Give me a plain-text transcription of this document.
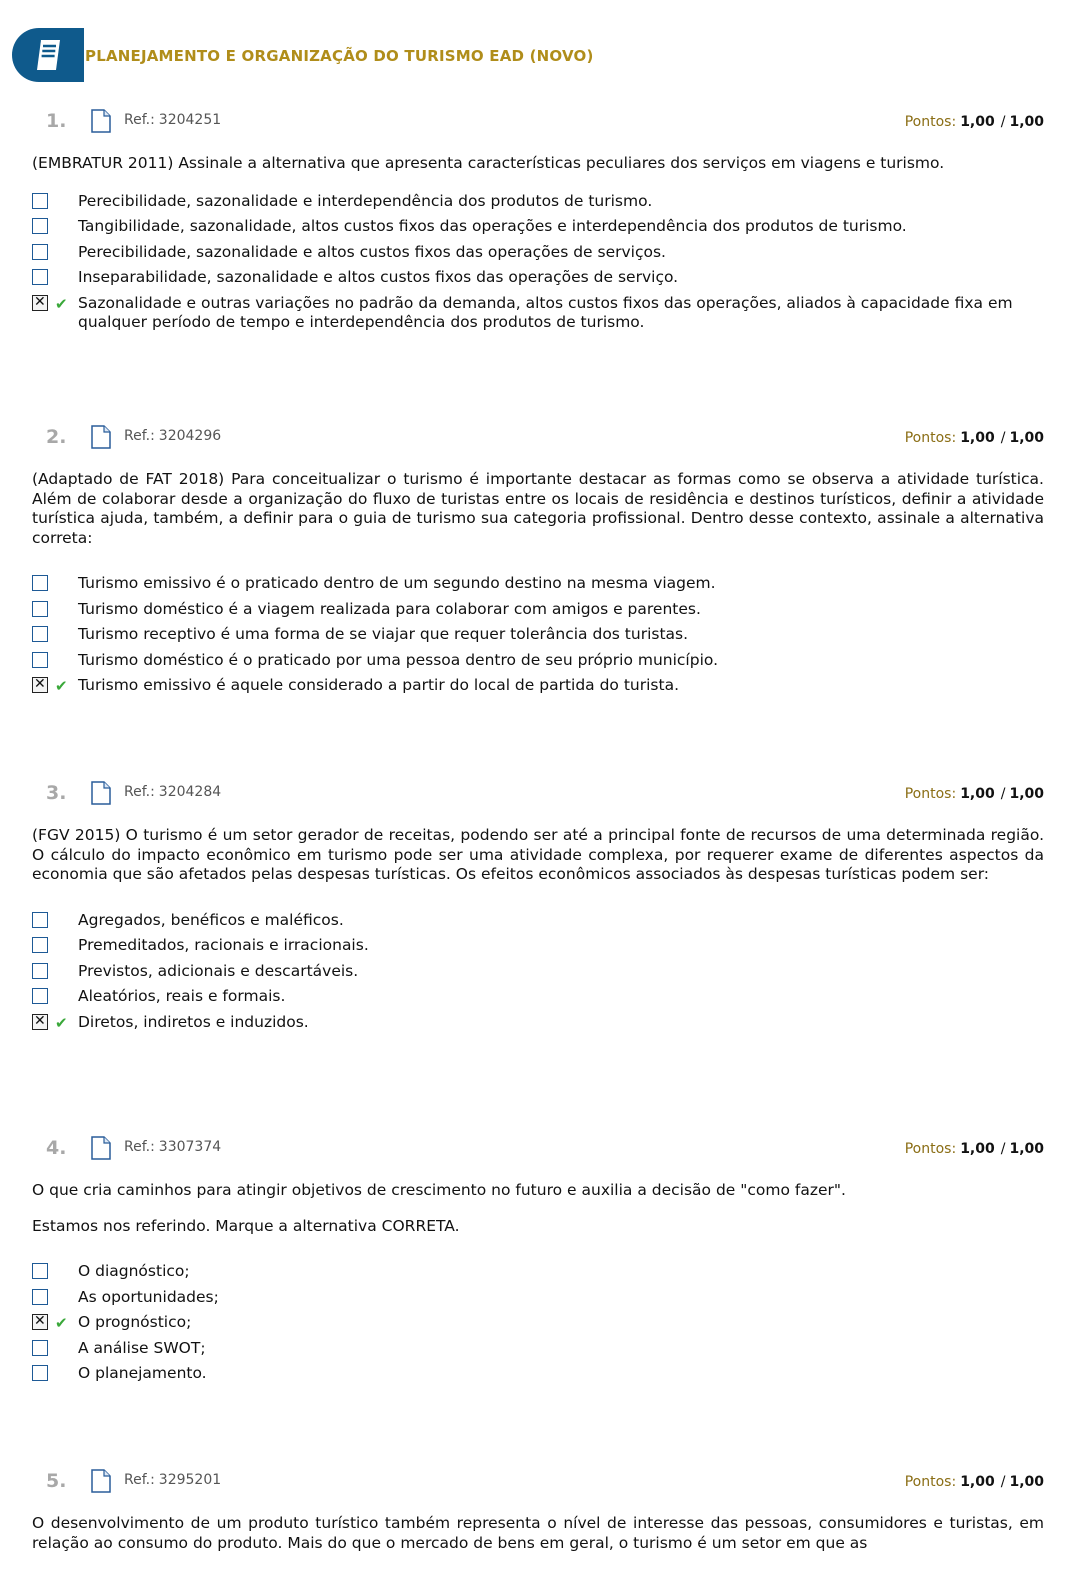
PLANEJAMENTO E ORGANIZAÇÃO DO TURISMO EAD (NOVO)
1.	Ref.: 3204251	Pontos: 1,00 / 1,00

(EMBRATUR 2011) Assinale a alternativa que apresenta características peculiares dos serviços em viagens e turismo.

Perecibilidade, sazonalidade e interdependência dos produtos de turismo.
Tangibilidade, sazonalidade, altos custos fixos das operações e interdependência dos produtos de turismo.
Perecibilidade, sazonalidade e altos custos fixos das operações de serviços.
Inseparabilidade, sazonalidade e altos custos fixos das operações de serviço.
✕
✔ Sazonalidade e outras variações no padrão da demanda, altos custos fixos das operações, aliados à capacidade fixa em qualquer período de tempo e interdependência dos produtos de turismo.
2.	Ref.: 3204296	Pontos: 1,00 / 1,00

(Adaptado de FAT 2018) Para conceitualizar o turismo é importante destacar as formas como se observa a atividade turística. Além de colaborar desde a organização do fluxo de turistas entre os locais de residência e destinos turísticos, definir a atividade turística ajuda, também, a definir para o guia de turismo sua categoria profissional. Dentro desse contexto, assinale a alternativa correta:

Turismo emissivo é o praticado dentro de um segundo destino na mesma viagem.
Turismo doméstico é a viagem realizada para colaborar com amigos e parentes.
Turismo receptivo é uma forma de se viajar que requer tolerância dos turistas.
Turismo doméstico é o praticado por uma pessoa dentro de seu próprio município.
✕
✔ Turismo emissivo é aquele considerado a partir do local de partida do turista.
3.	Ref.: 3204284	Pontos: 1,00 / 1,00

(FGV 2015) O turismo é um setor gerador de receitas, podendo ser até a principal fonte de recursos de uma determinada região. O cálculo do impacto econômico em turismo pode ser uma atividade complexa, por requerer exame de diferentes aspectos da economia que são afetados pelas despesas turísticas. Os efeitos econômicos associados às despesas turísticas podem ser:

Agregados, benéficos e maléficos.
Premeditados, racionais e irracionais.
Previstos, adicionais e descartáveis.
Aleatórios, reais e formais.
✕
✔ Diretos, indiretos e induzidos.
4.	Ref.: 3307374	Pontos: 1,00 / 1,00

O que cria caminhos para atingir objetivos de crescimento no futuro e auxilia a decisão de "como fazer".

Estamos nos referindo. Marque a alternativa CORRETA.

O diagnóstico;
As oportunidades;
✕
✔ O prognóstico;
A análise SWOT;
O planejamento.
5.	Ref.: 3295201	Pontos: 1,00 / 1,00

O desenvolvimento de um produto turístico também representa o nível de interesse das pessoas, consumidores e turistas, em relação ao consumo do produto. Mais do que o mercado de bens em geral, o turismo é um setor em que as
